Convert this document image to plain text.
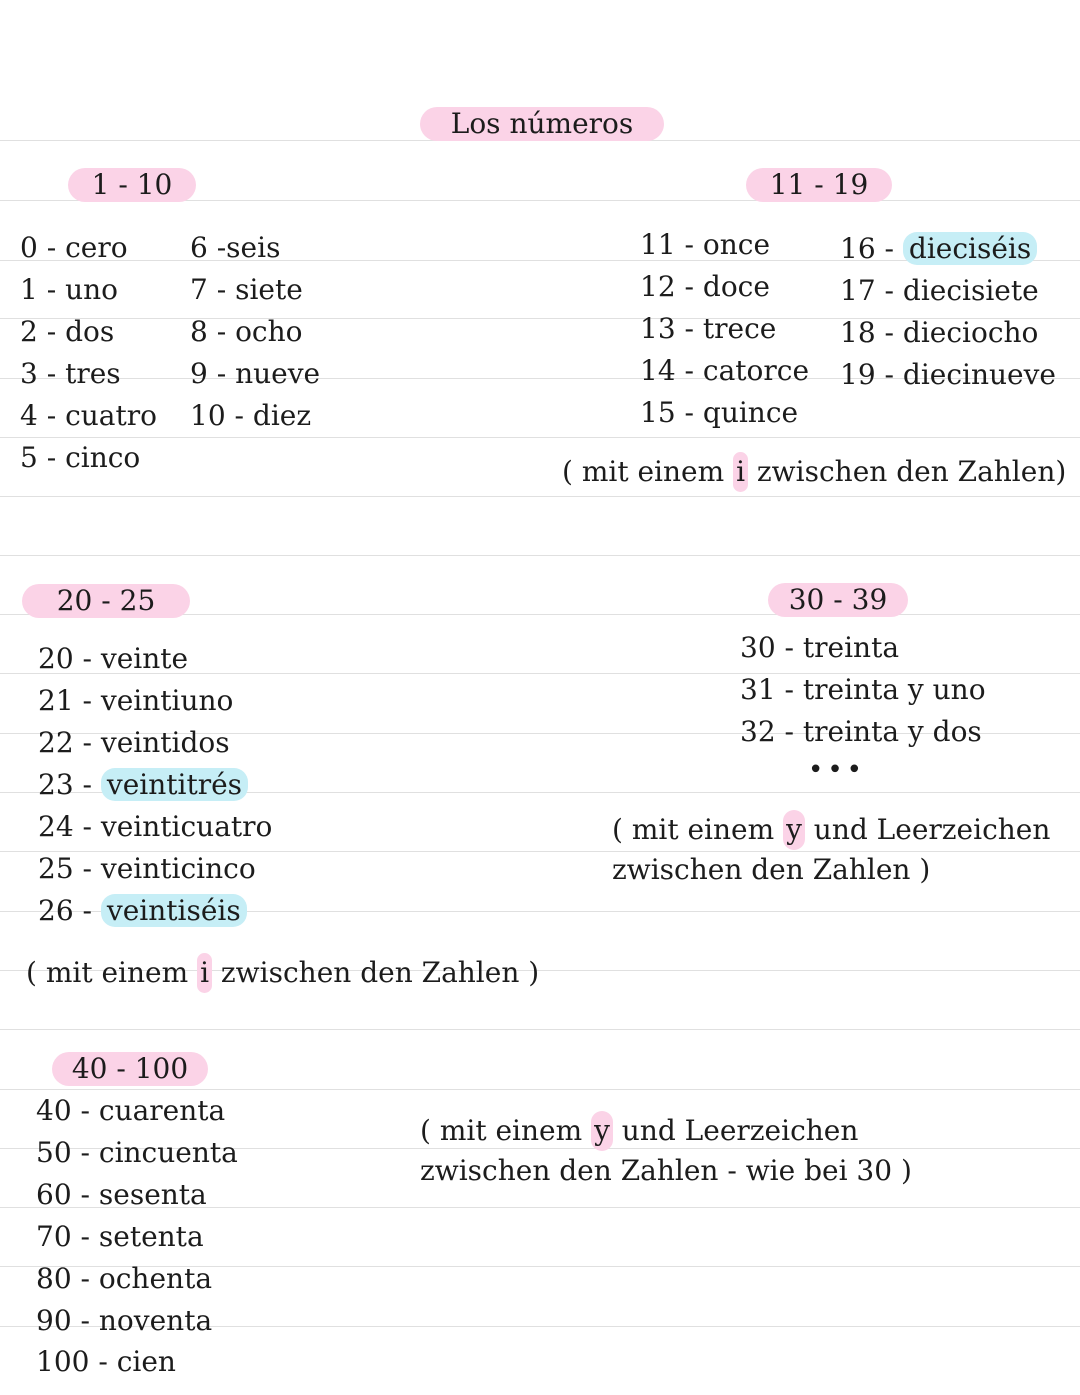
Los números
1 - 10
0 - cero
1 - uno
2 - dos
3 - tres
4 - cuatro
5 - cinco
6 -seis
7 - siete
8 - ocho
9 - nueve
10 - diez
11 - 19
11 - once
12 - doce
13 - trece
14 - catorce
15 - quince
16 - dieciséis
17 - diecisiete
18 - dieciocho
19 - diecinueve
( mit einem i zwischen den Zahlen)
20 - 25
20 - veinte
21 - veintiuno
22 - veintidos
23 - veintitrés
24 - veinticuatro
25 - veinticinco
26 - veintiséis
( mit einem i zwischen den Zahlen )
30 - 39
30 - treinta
31 - treinta y uno
32 - treinta y dos
•••
( mit einem y und Leerzeichen
zwischen den Zahlen )
40 - 100
40 - cuarenta
50 - cincuenta
60 - sesenta
70 - setenta
80 - ochenta
90 - noventa
100 - cien
( mit einem y und Leerzeichen
zwischen den Zahlen - wie bei 30 )
